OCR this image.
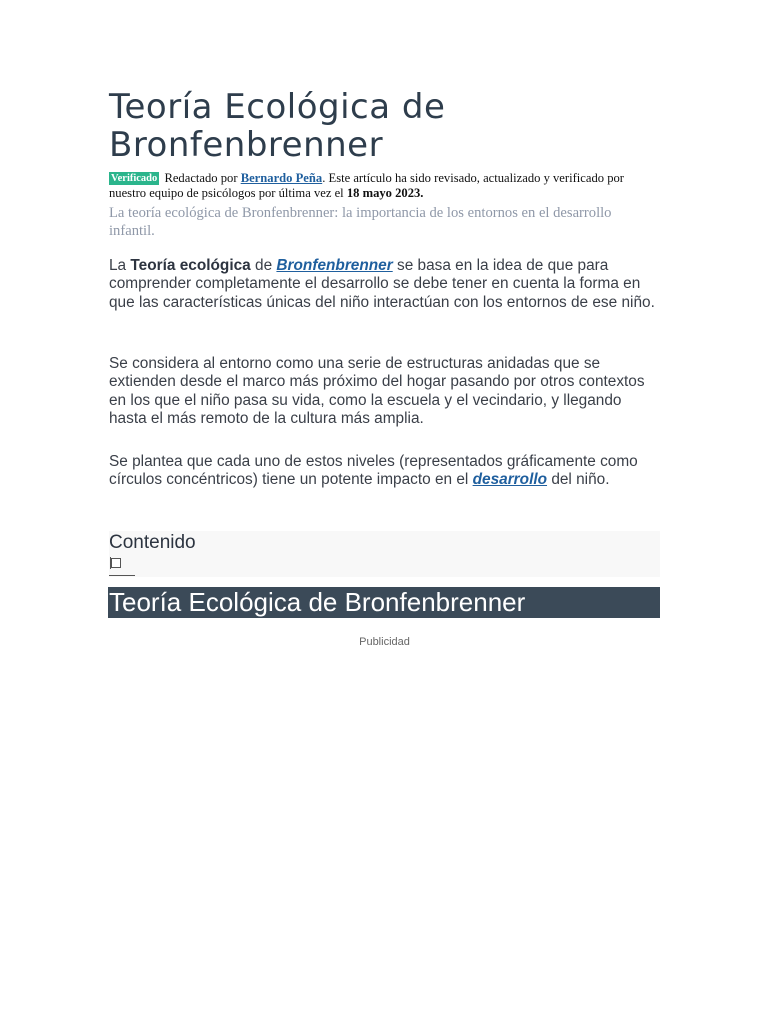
Teoría Ecológica de Bronfenbrenner
Verificado Redactado por Bernardo Peña. Este artículo ha sido revisado, actualizado y verificado por nuestro equipo de psicólogos por última vez el 18 mayo 2023.
La teoría ecológica de Bronfenbrenner: la importancia de los entornos en el desarrollo infantil.

La Teoría ecológica de Bronfenbrenner se basa en la idea de que para comprender completamente el desarrollo se debe tener en cuenta la forma en que las características únicas del niño interactúan con los entornos de ese niño.

Se considera al entorno como una serie de estructuras anidadas que se extienden desde el marco más próximo del hogar pasando por otros contextos en los que el niño pasa su vida, como la escuela y el vecindario, y llegando hasta el más remoto de la cultura más amplia.

Se plantea que cada uno de estos niveles (representados gráficamente como círculos concéntricos) tiene un potente impacto en el desarrollo del niño.

Contenido
Teoría Ecológica de Bronfenbrenner
Publicidad
